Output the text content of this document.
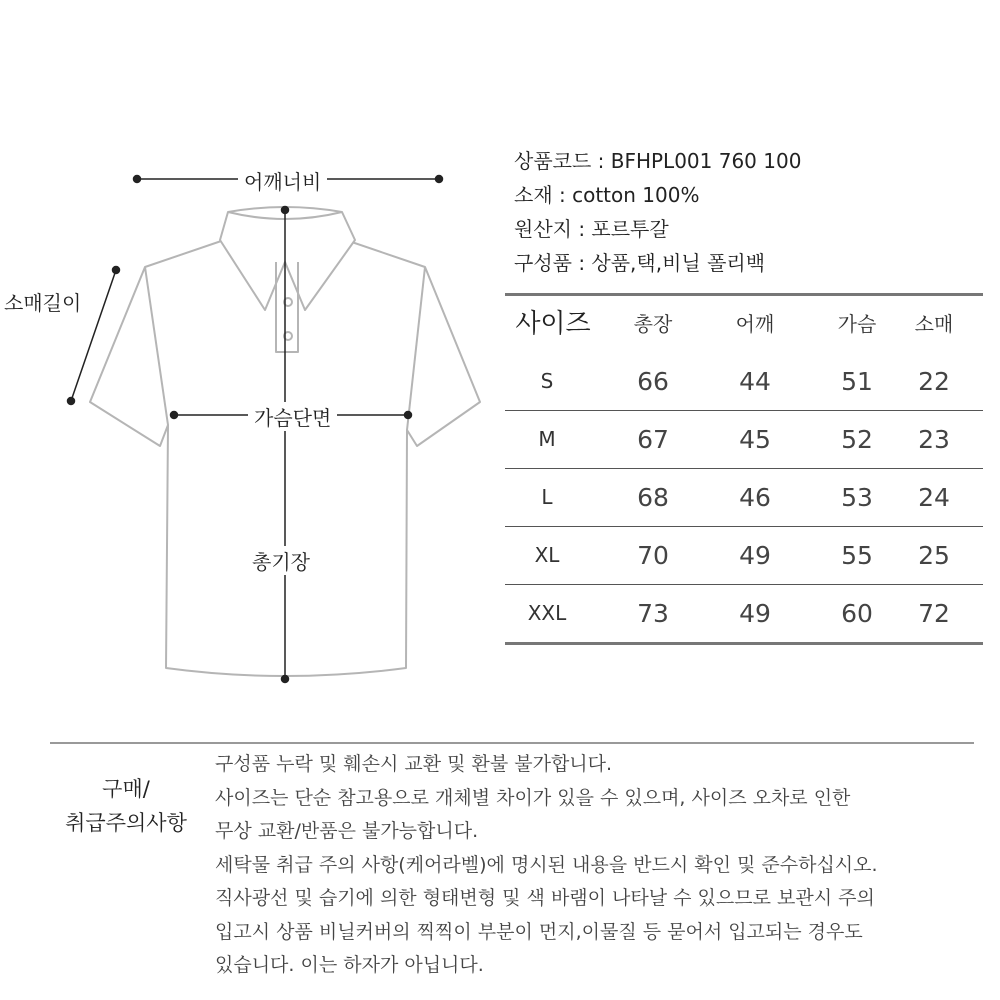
어깨너비
소매길이
가슴단면
총기장
상품코드 : BFHPL001 760 100
소재 : cotton 100%
원산지 : 포르투갈
구성품 : 상품,택,비닐 폴리백
사이즈	총장	어깨	가슴	소매
S	66	44	51	22
M	67	45	52	23
L	68	46	53	24
XL	70	49	55	25
XXL	73	49	60	72
구매/
취급주의사항
구성품 누락 및 훼손시 교환 및 환불 불가합니다.
사이즈는 단순 참고용으로 개체별 차이가 있을 수 있으며, 사이즈 오차로 인한
무상 교환/반품은 불가능합니다.
세탁물 취급 주의 사항(케어라벨)에 명시된 내용을 반드시 확인 및 준수하십시오.
직사광선 및 습기에 의한 형태변형 및 색 바램이 나타날 수 있으므로 보관시 주의
입고시 상품 비닐커버의 찍찍이 부분이 먼지,이물질 등 묻어서 입고되는 경우도
있습니다. 이는 하자가 아닙니다.
